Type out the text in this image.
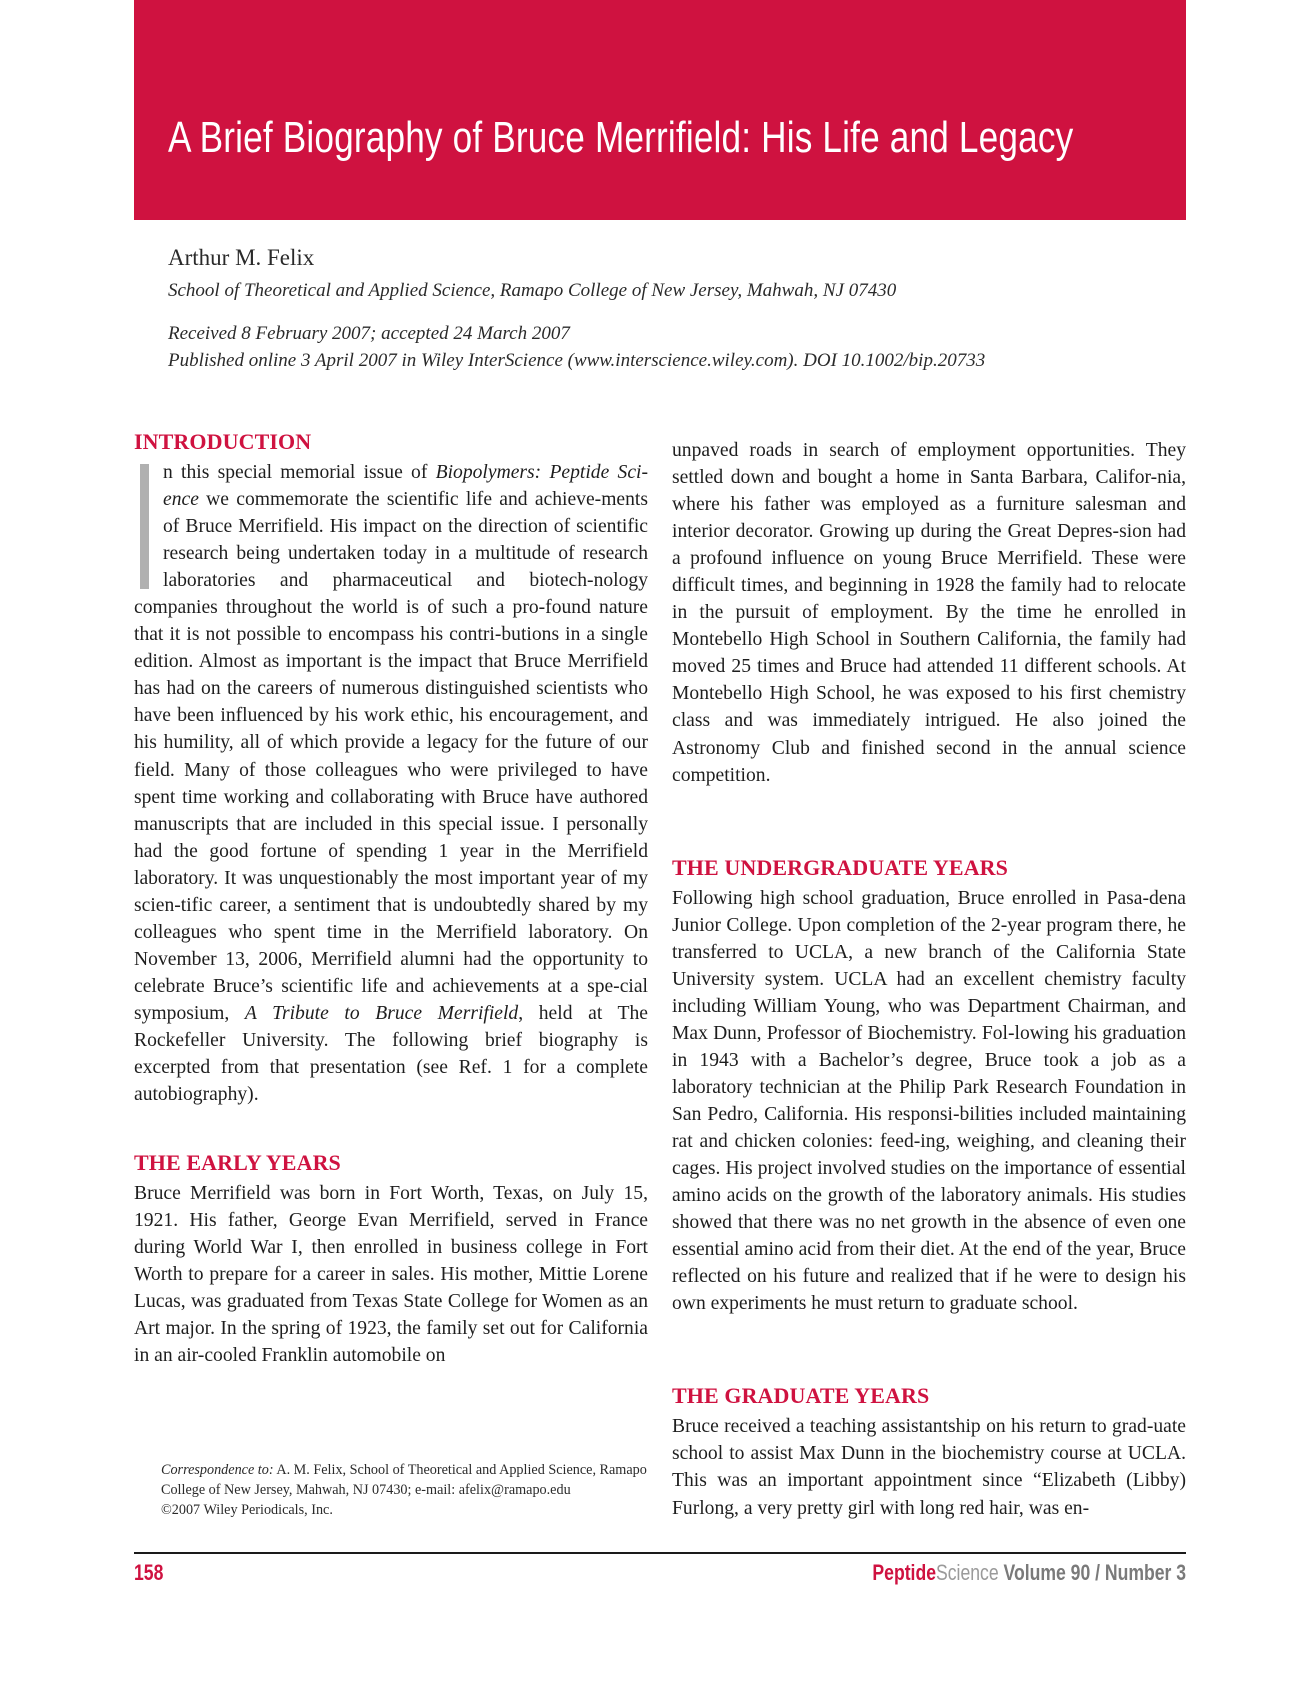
A Brief Biography of Bruce Merrifield: His Life and Legacy

Arthur M. Felix

School of Theoretical and Applied Science, Ramapo College of New Jersey, Mahwah, NJ 07430

Received 8 February 2007; accepted 24 March 2007

Published online 3 April 2007 in Wiley InterScience (www.interscience.wiley.com). DOI 10.1002/bip.20733

INTRODUCTION

n this special memorial issue of Biopolymers: Peptide Sci-ence we commemorate the scientific life and achieve-ments of Bruce Merrifield. His impact on the direction of scientific research being undertaken today in a multitude of research laboratories and pharmaceutical and biotech-nology companies throughout the world is of such a pro-found nature that it is not possible to encompass his contri-butions in a single edition. Almost as important is the impact that Bruce Merrifield has had on the careers of numerous distinguished scientists who have been influenced by his work ethic, his encouragement, and his humility, all of which provide a legacy for the future of our field. Many of those colleagues who were privileged to have spent time working and collaborating with Bruce have authored manuscripts that are included in this special issue. I personally had the good fortune of spending 1 year in the Merrifield laboratory. It was unquestionably the most important year of my scien-tific career, a sentiment that is undoubtedly shared by my colleagues who spent time in the Merrifield laboratory. On November 13, 2006, Merrifield alumni had the opportunity to celebrate Bruce’s scientific life and achievements at a spe-cial symposium, A Tribute to Bruce Merrifield, held at The Rockefeller University. The following brief biography is excerpted from that presentation (see Ref. 1 for a complete autobiography).

THE EARLY YEARS

Bruce Merrifield was born in Fort Worth, Texas, on July 15, 1921. His father, George Evan Merrifield, served in France during World War I, then enrolled in business college in Fort Worth to prepare for a career in sales. His mother, Mittie Lorene Lucas, was graduated from Texas State College for Women as an Art major. In the spring of 1923, the family set out for California in an air-cooled Franklin automobile on

unpaved roads in search of employment opportunities. They settled down and bought a home in Santa Barbara, Califor-nia, where his father was employed as a furniture salesman and interior decorator. Growing up during the Great Depres-sion had a profound influence on young Bruce Merrifield. These were difficult times, and beginning in 1928 the family had to relocate in the pursuit of employment. By the time he enrolled in Montebello High School in Southern California, the family had moved 25 times and Bruce had attended 11 different schools. At Montebello High School, he was exposed to his first chemistry class and was immediately intrigued. He also joined the Astronomy Club and finished second in the annual science competition.

THE UNDERGRADUATE YEARS

Following high school graduation, Bruce enrolled in Pasa-dena Junior College. Upon completion of the 2-year program there, he transferred to UCLA, a new branch of the California State University system. UCLA had an excellent chemistry faculty including William Young, who was Department Chairman, and Max Dunn, Professor of Biochemistry. Fol-lowing his graduation in 1943 with a Bachelor’s degree, Bruce took a job as a laboratory technician at the Philip Park Research Foundation in San Pedro, California. His responsi-bilities included maintaining rat and chicken colonies: feed-ing, weighing, and cleaning their cages. His project involved studies on the importance of essential amino acids on the growth of the laboratory animals. His studies showed that there was no net growth in the absence of even one essential amino acid from their diet. At the end of the year, Bruce reflected on his future and realized that if he were to design his own experiments he must return to graduate school.

THE GRADUATE YEARS

Bruce received a teaching assistantship on his return to grad-uate school to assist Max Dunn in the biochemistry course at UCLA. This was an important appointment since “Elizabeth (Libby) Furlong, a very pretty girl with long red hair, was en-

Correspondence to: A. M. Felix, School of Theoretical and Applied Science, Ramapo College of New Jersey, Mahwah, NJ 07430; e-mail: afelix@ramapo.edu

©2007 Wiley Periodicals, Inc.

158	PeptideScience Volume 90 / Number 3
